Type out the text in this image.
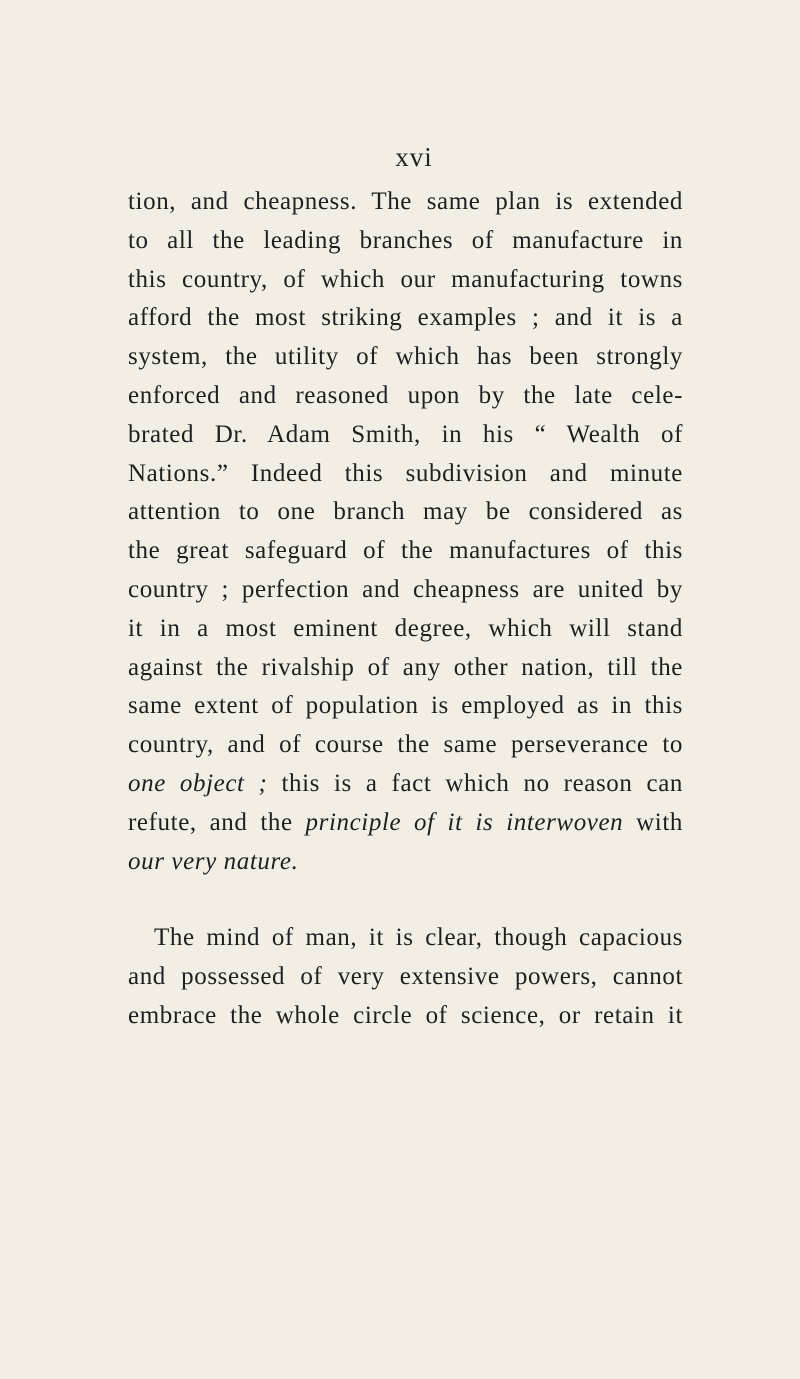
xvi
tion, and cheapness. The same plan is extended
to all the leading branches of manufacture in
this country, of which our manufacturing towns
afford the most striking examples ; and it is a
system, the utility of which has been strongly
enforced and reasoned upon by the late cele-
brated Dr. Adam Smith, in his “ Wealth of
Nations.” Indeed this subdivision and minute
attention to one branch may be considered as
the great safeguard of the manufactures of this
country ; perfection and cheapness are united by
it in a most eminent degree, which will stand
against the rivalship of any other nation, till the
same extent of population is employed as in this
country, and of course the same perseverance to
one object ; this is a fact which no reason can
refute, and the principle of it is interwoven with
our very nature.
The mind of man, it is clear, though capacious
and possessed of very extensive powers, cannot
embrace the whole circle of science, or retain it
